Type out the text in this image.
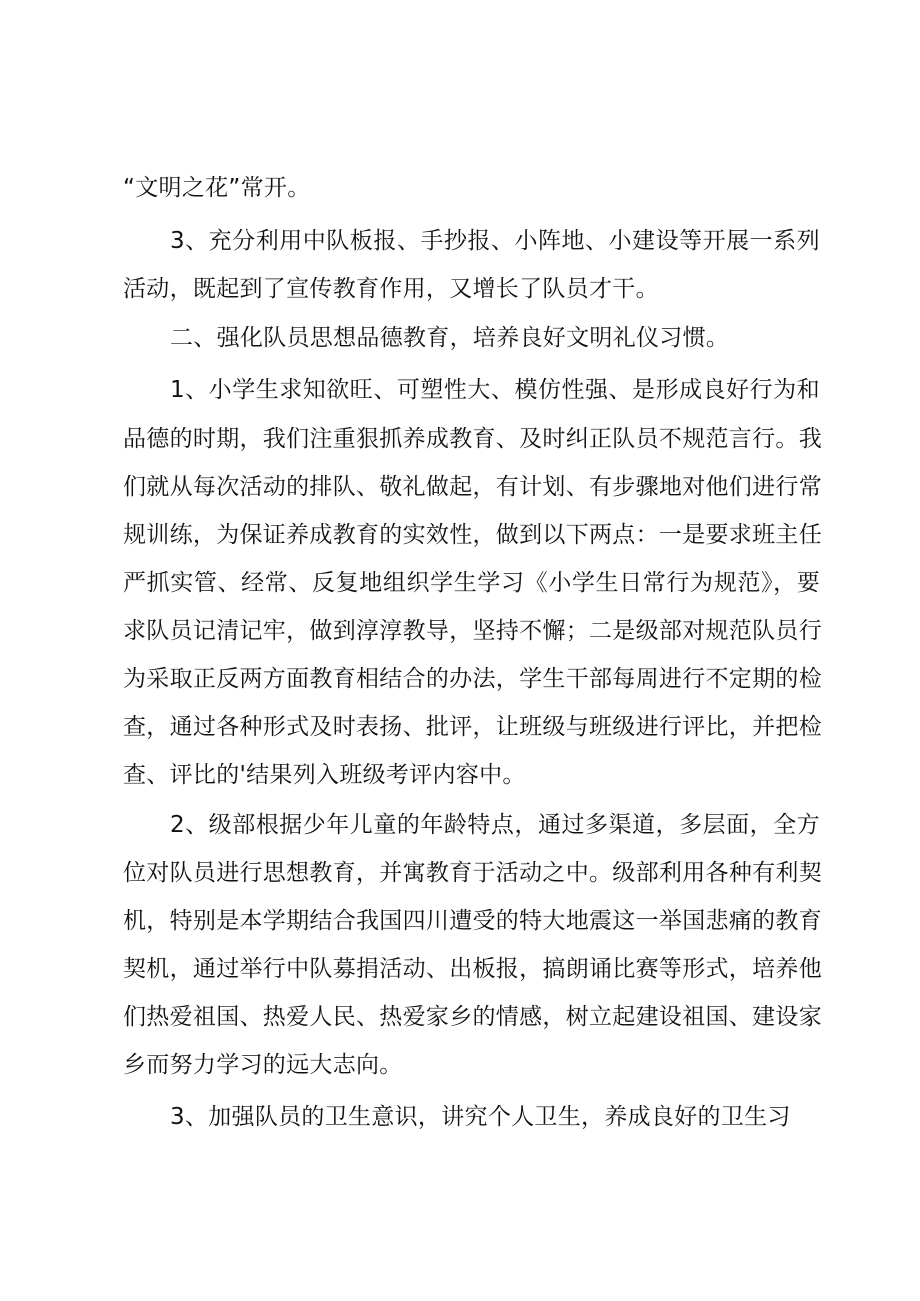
“文明之花”常开。
3、充分利用中队板报、手抄报、小阵地、小建设等开展一系列
活动，既起到了宣传教育作用，又增长了队员才干。
二、强化队员思想品德教育，培养良好文明礼仪习惯。
1、小学生求知欲旺、可塑性大、模仿性强、是形成良好行为和
品德的时期，我们注重狠抓养成教育、及时纠正队员不规范言行。我
们就从每次活动的排队、敬礼做起，有计划、有步骤地对他们进行常
规训练，为保证养成教育的实效性，做到以下两点：一是要求班主任
严抓实管、经常、反复地组织学生学习《小学生日常行为规范》，要
求队员记清记牢，做到淳淳教导，坚持不懈；二是级部对规范队员行
为采取正反两方面教育相结合的办法，学生干部每周进行不定期的检
查，通过各种形式及时表扬、批评，让班级与班级进行评比，并把检
查、评比的'结果列入班级考评内容中。
2、级部根据少年儿童的年龄特点，通过多渠道，多层面，全方
位对队员进行思想教育，并寓教育于活动之中。级部利用各种有利契
机，特别是本学期结合我国四川遭受的特大地震这一举国悲痛的教育
契机，通过举行中队募捐活动、出板报，搞朗诵比赛等形式，培养他
们热爱祖国、热爱人民、热爱家乡的情感，树立起建设祖国、建设家
乡而努力学习的远大志向。
3、加强队员的卫生意识，讲究个人卫生，养成良好的卫生习
